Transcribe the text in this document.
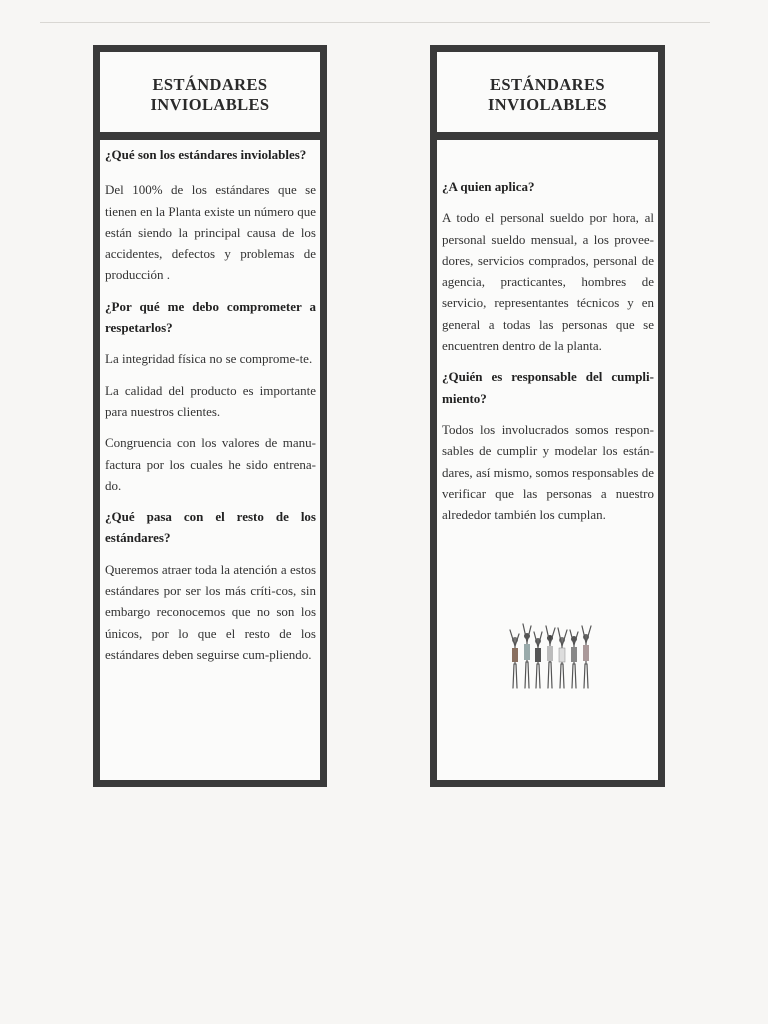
ESTÁNDARES
INVIOLABLES
¿Qué son los estándares inviolables?
Del 100% de los estándares que se tienen en la Planta existe un número que están siendo la principal causa de los accidentes, defectos y problemas de producción .
¿Por qué me debo comprometer a respetarlos?
La integridad física no se comprome-te.
La calidad del producto es importante para nuestros clientes.
Congruencia con los valores de manu-factura por los cuales he sido entrena-do.
¿Qué pasa con el resto de los estándares?
Queremos atraer toda la atención a estos estándares por ser los más críti-cos, sin embargo reconocemos que no son los únicos, por lo que el resto de los estándares deben seguirse cum-pliendo.
ESTÁNDARES
INVIOLABLES
¿A quien aplica?
A todo el personal sueldo por hora, al personal sueldo mensual, a los provee-dores, servicios comprados, personal de agencia, practicantes, hombres de servicio, representantes técnicos y en general a todas las personas que se encuentren dentro de la planta.
¿Quién es responsable del cumpli-miento?
Todos los involucrados somos respon-sables de cumplir y modelar los están-dares, así mismo, somos responsables de verificar que las personas a nuestro alrededor también los cumplan.
